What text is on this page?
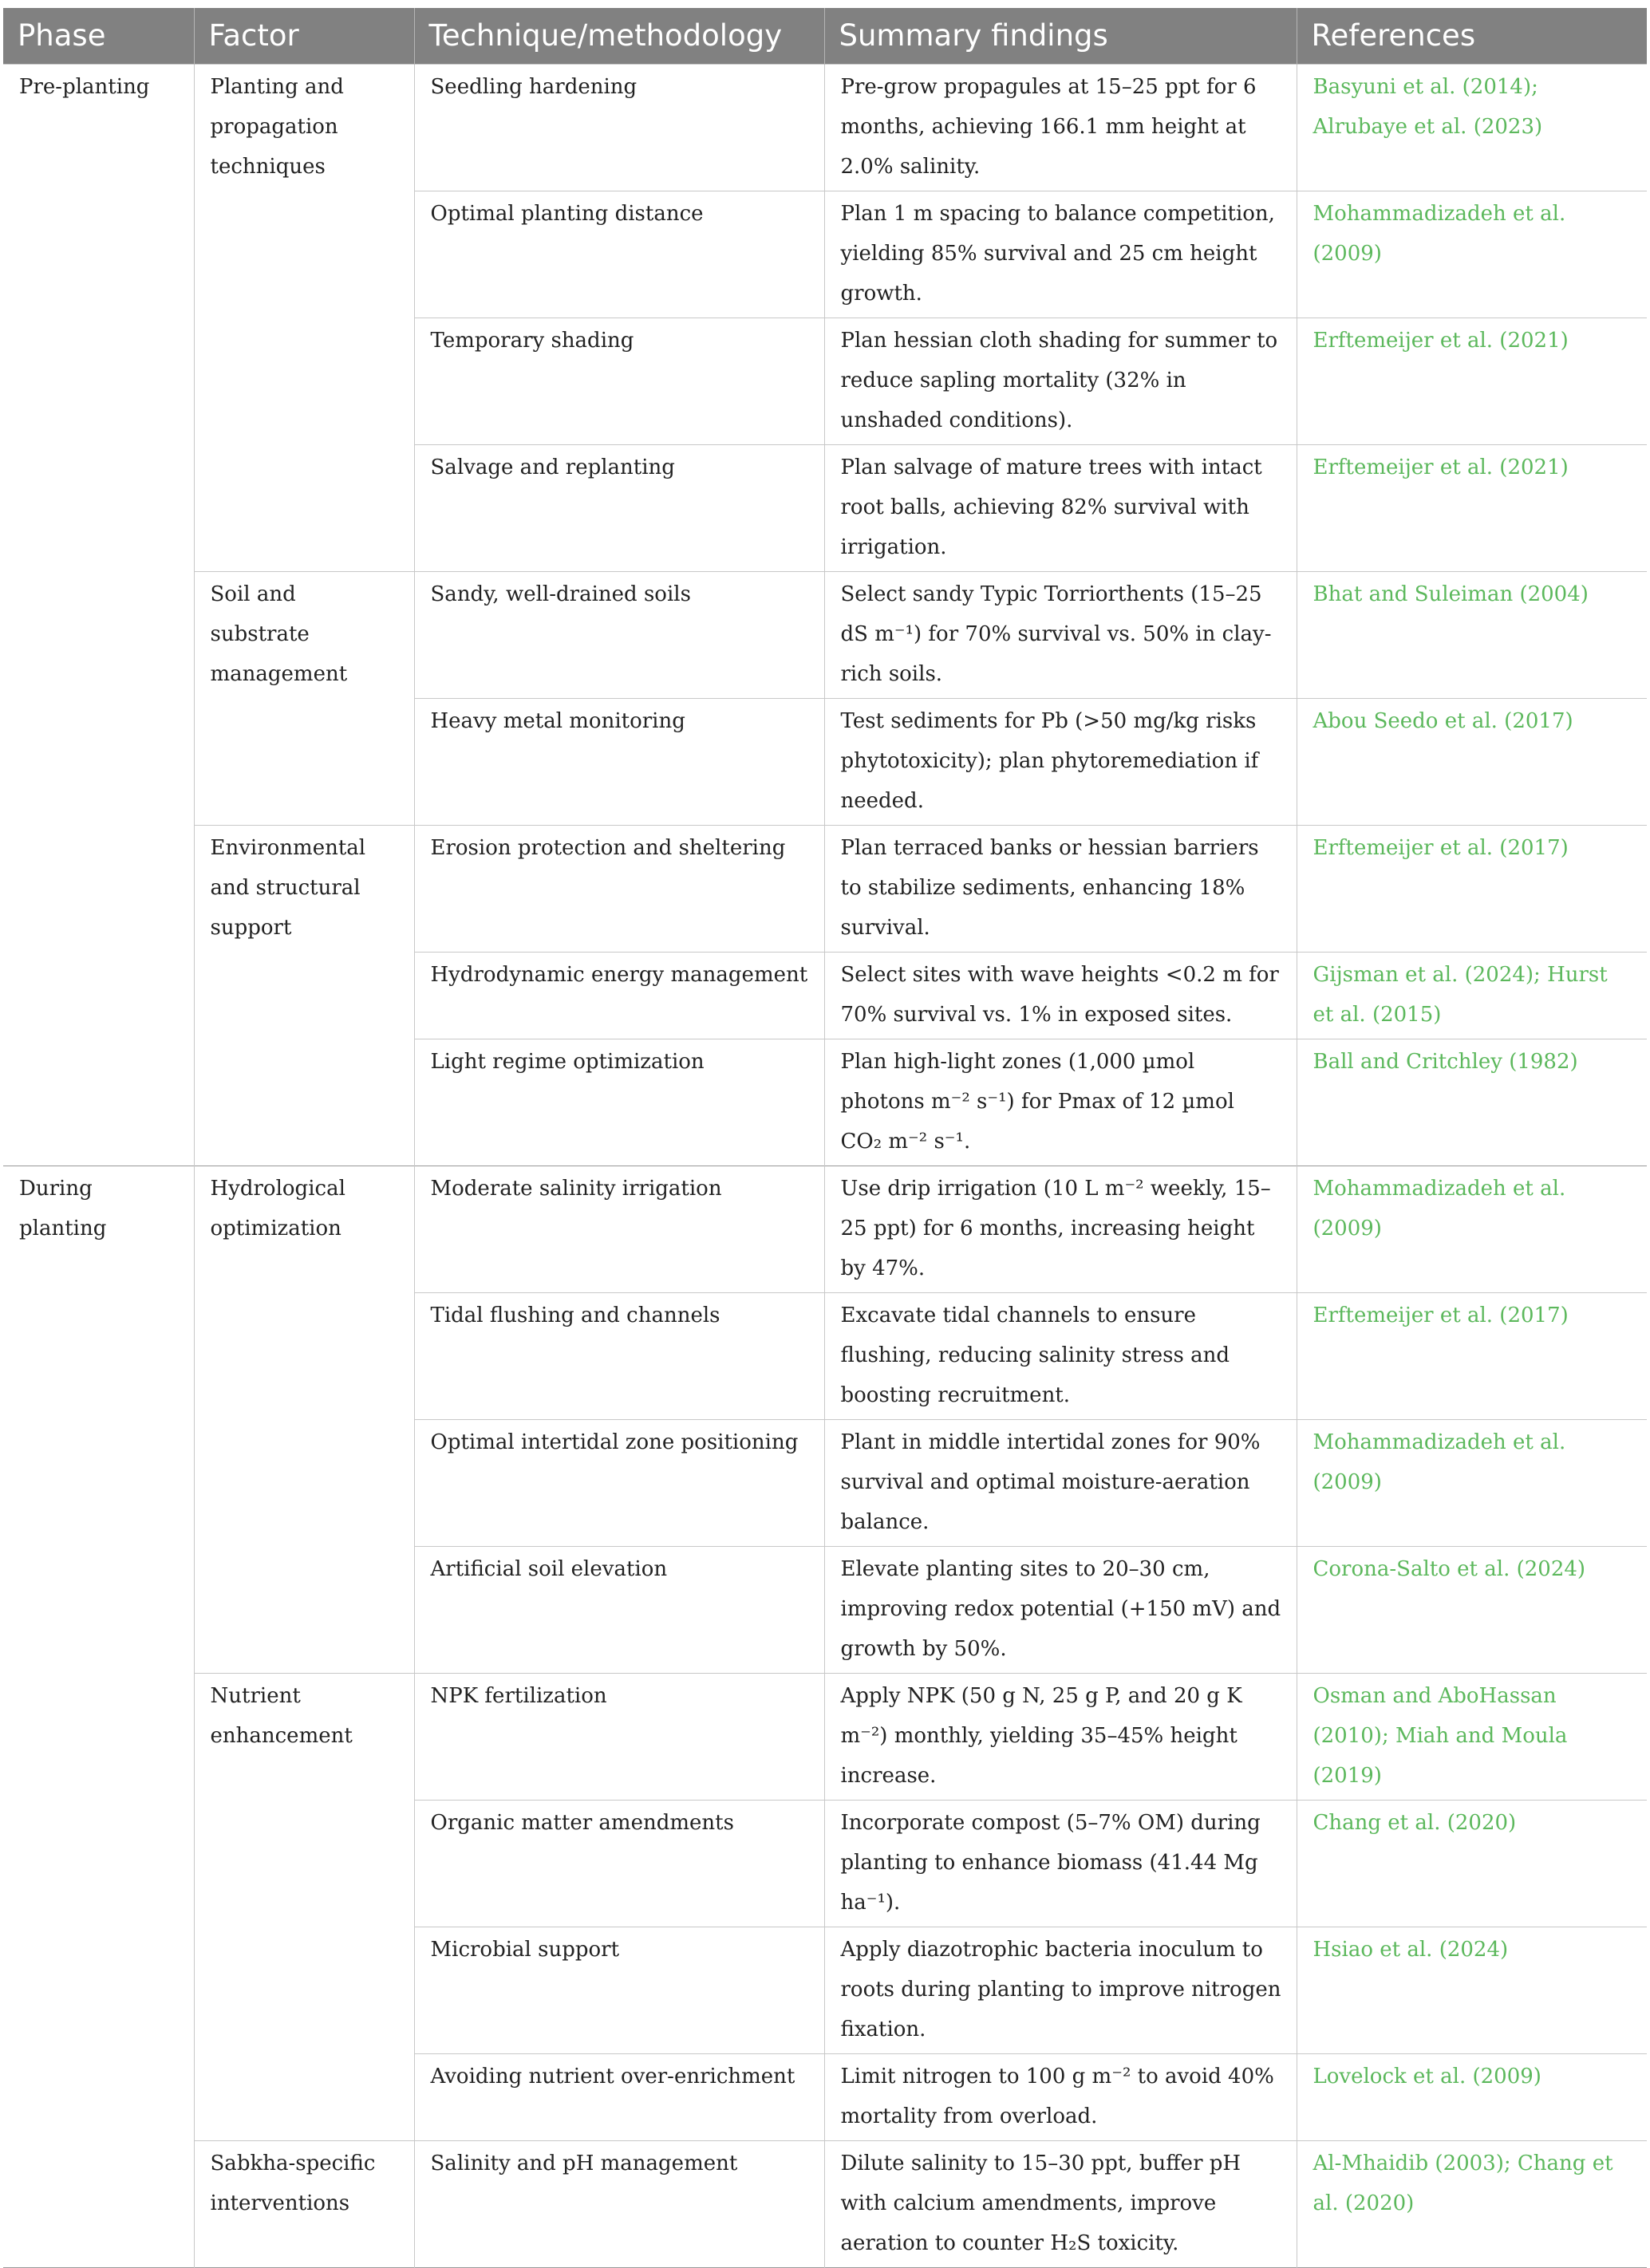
Phase	Factor	Technique/methodology	Summary findings	References
Pre-planting	Planting and propagation techniques	Seedling hardening	Pre-grow propagules at 15–25 ppt for 6 months, achieving 166.1 mm height at 2.0% salinity.	Basyuni et al. (2014); Alrubaye et al. (2023)
		Optimal planting distance	Plan 1 m spacing to balance competition, yielding 85% survival and 25 cm height growth.	Mohammadizadeh et al. (2009)
		Temporary shading	Plan hessian cloth shading for summer to reduce sapling mortality (32% in unshaded conditions).	Erftemeijer et al. (2021)
		Salvage and replanting	Plan salvage of mature trees with intact root balls, achieving 82% survival with irrigation.	Erftemeijer et al. (2021)
	Soil and substrate management	Sandy, well-drained soils	Select sandy Typic Torriorthents (15–25 dS m⁻¹) for 70% survival vs. 50% in clay-rich soils.	Bhat and Suleiman (2004)
		Heavy metal monitoring	Test sediments for Pb (>50 mg/kg risks phytotoxicity); plan phytoremediation if needed.	Abou Seedo et al. (2017)
	Environmental and structural support	Erosion protection and sheltering	Plan terraced banks or hessian barriers to stabilize sediments, enhancing 18% survival.	Erftemeijer et al. (2017)
		Hydrodynamic energy management	Select sites with wave heights <0.2 m for 70% survival vs. 1% in exposed sites.	Gijsman et al. (2024); Hurst et al. (2015)
		Light regime optimization	Plan high-light zones (1,000 µmol photons m⁻² s⁻¹) for Pmax of 12 µmol CO₂ m⁻² s⁻¹.	Ball and Critchley (1982)
During planting	Hydrological optimization	Moderate salinity irrigation	Use drip irrigation (10 L m⁻² weekly, 15–25 ppt) for 6 months, increasing height by 47%.	Mohammadizadeh et al. (2009)
		Tidal flushing and channels	Excavate tidal channels to ensure flushing, reducing salinity stress and boosting recruitment.	Erftemeijer et al. (2017)
		Optimal intertidal zone positioning	Plant in middle intertidal zones for 90% survival and optimal moisture-aeration balance.	Mohammadizadeh et al. (2009)
		Artificial soil elevation	Elevate planting sites to 20–30 cm, improving redox potential (+150 mV) and growth by 50%.	Corona-Salto et al. (2024)
	Nutrient enhancement	NPK fertilization	Apply NPK (50 g N, 25 g P, and 20 g K m⁻²) monthly, yielding 35–45% height increase.	Osman and AboHassan (2010); Miah and Moula (2019)
		Organic matter amendments	Incorporate compost (5–7% OM) during planting to enhance biomass (41.44 Mg ha⁻¹).	Chang et al. (2020)
		Microbial support	Apply diazotrophic bacteria inoculum to roots during planting to improve nitrogen fixation.	Hsiao et al. (2024)
		Avoiding nutrient over-enrichment	Limit nitrogen to 100 g m⁻² to avoid 40% mortality from overload.	Lovelock et al. (2009)
	Sabkha-specific interventions	Salinity and pH management	Dilute salinity to 15–30 ppt, buffer pH with calcium amendments, improve aeration to counter H₂S toxicity.	Al-Mhaidib (2003); Chang et al. (2020)
